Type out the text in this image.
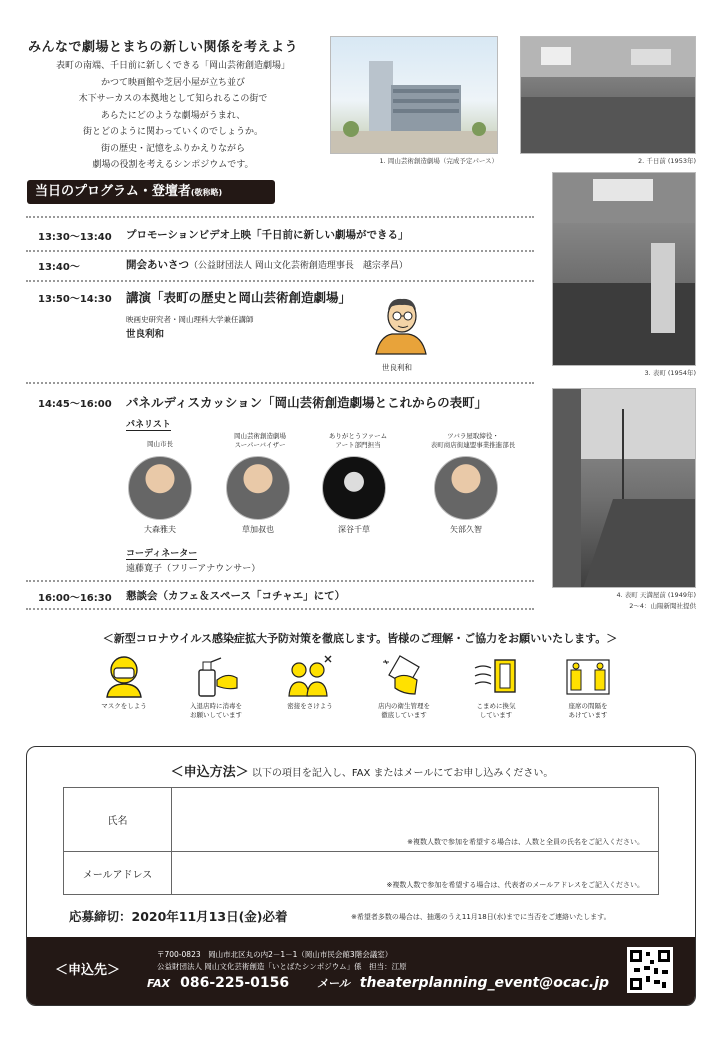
みんなで劇場とまちの新しい関係を考えよう
表町の南端、千日前に新しくできる「岡山芸術創造劇場」
かつて映画館や芝居小屋が立ち並び
木下サーカスの本拠地として知られるこの街で
あらたにどのような劇場がうまれ、
街とどのように関わっていくのでしょうか。
街の歴史・記憶をふりかえりながら
劇場の役割を考えるシンポジウムです。	1. 岡山芸術創造劇場（完成予定パース）	2. 千日前 (1953年)
3. 表町 (1954年)
4. 表町 天満屋前 (1949年)
2～4：山陽新聞社提供
当日のプログラム・登壇者(敬称略)
13:30～13:40 プロモーションビデオ上映「千日前に新しい劇場ができる」
13:40～	開会あいさつ（公益財団法人 岡山文化芸術創造理事長　越宗孝昌）
13:50～14:30 講演「表町の歴史と岡山芸術創造劇場」
映画史研究者・岡山理科大学兼任講師
世良利和
世良利和
14:45～16:00 パネルディスカッション「岡山芸術創造劇場とこれからの表町」
パネリスト
岡山市長
大森雅夫
岡山芸術創造劇場
スーパーバイザー
草加叔也
ありがとうファーム
アート部門担当
深谷千草
ツバラ屋取締役・
表町商店街連盟事業推進部長
矢部久智
コーディネーター
遠藤寛子（フリーアナウンサー）
16:00～16:30 懇談会（カフェ＆スペース「コチャエ」にて）
＜新型コロナウイルス感染症拡大予防対策を徹底します。皆様のご理解・ご協力をお願いいたします。＞
マスクをしよう	入退店時に消毒を
お願いしています
密接をさけよう	店内の衛生管理を
徹底しています
こまめに換気
しています
座席の間隔を
あけています
＜申込方法＞ 以下の項目を記入し、FAX またはメールにてお申し込みください。
氏名
※複数人数で参加を希望する場合は、人数と全員の氏名をご記入ください。
メールアドレス
※複数人数で参加を希望する場合は、代表者のメールアドレスをご記入ください。
応募締切：2020年11月13日(金)必着	※希望者多数の場合は、抽選のうえ11月18日(水)までに当否をご連絡いたします。
＜申込先＞
〒700-0823　岡山市北区丸の内2－1－1（岡山市民会館3階会議室）
公益財団法人 岡山文化芸術創造「いとばたシンポジウム」係　担当：江原
FAX 086-225-0156	メール theaterplanning_event@ocac.jp
